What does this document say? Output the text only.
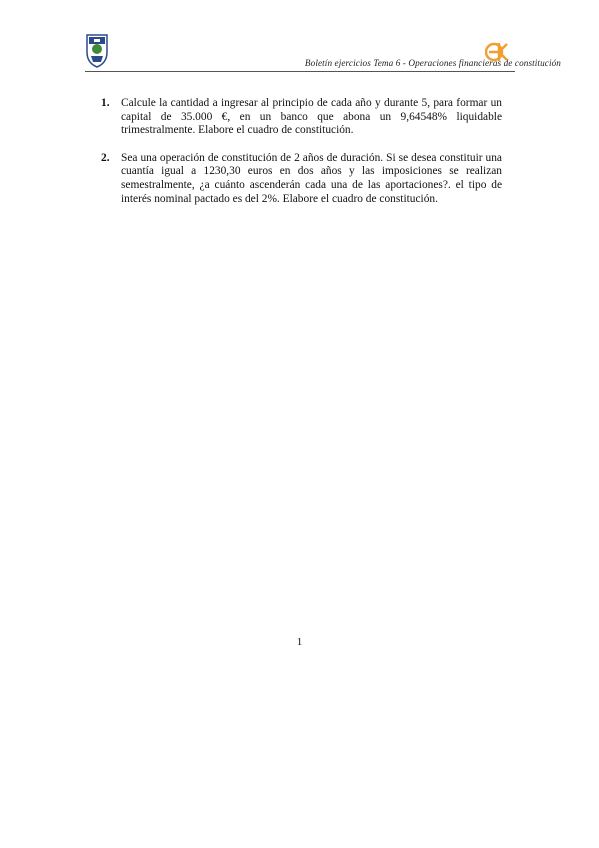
Boletín ejercicios Tema 6 - Operaciones financieras de constitución
1. Calcule la cantidad a ingresar al principio de cada año y durante 5, para formar un capital de 35.000 €, en un banco que abona un 9,64548% liquidable trimestralmente. Elabore el cuadro de constitución.
2. Sea una operación de constitución de 2 años de duración. Si se desea constituir una cuantía igual a 1230,30 euros en dos años y las imposiciones se realizan semestralmente, ¿a cuánto ascenderán cada una de las aportaciones?. el tipo de interés nominal pactado es del 2%. Elabore el cuadro de constitución.
1
